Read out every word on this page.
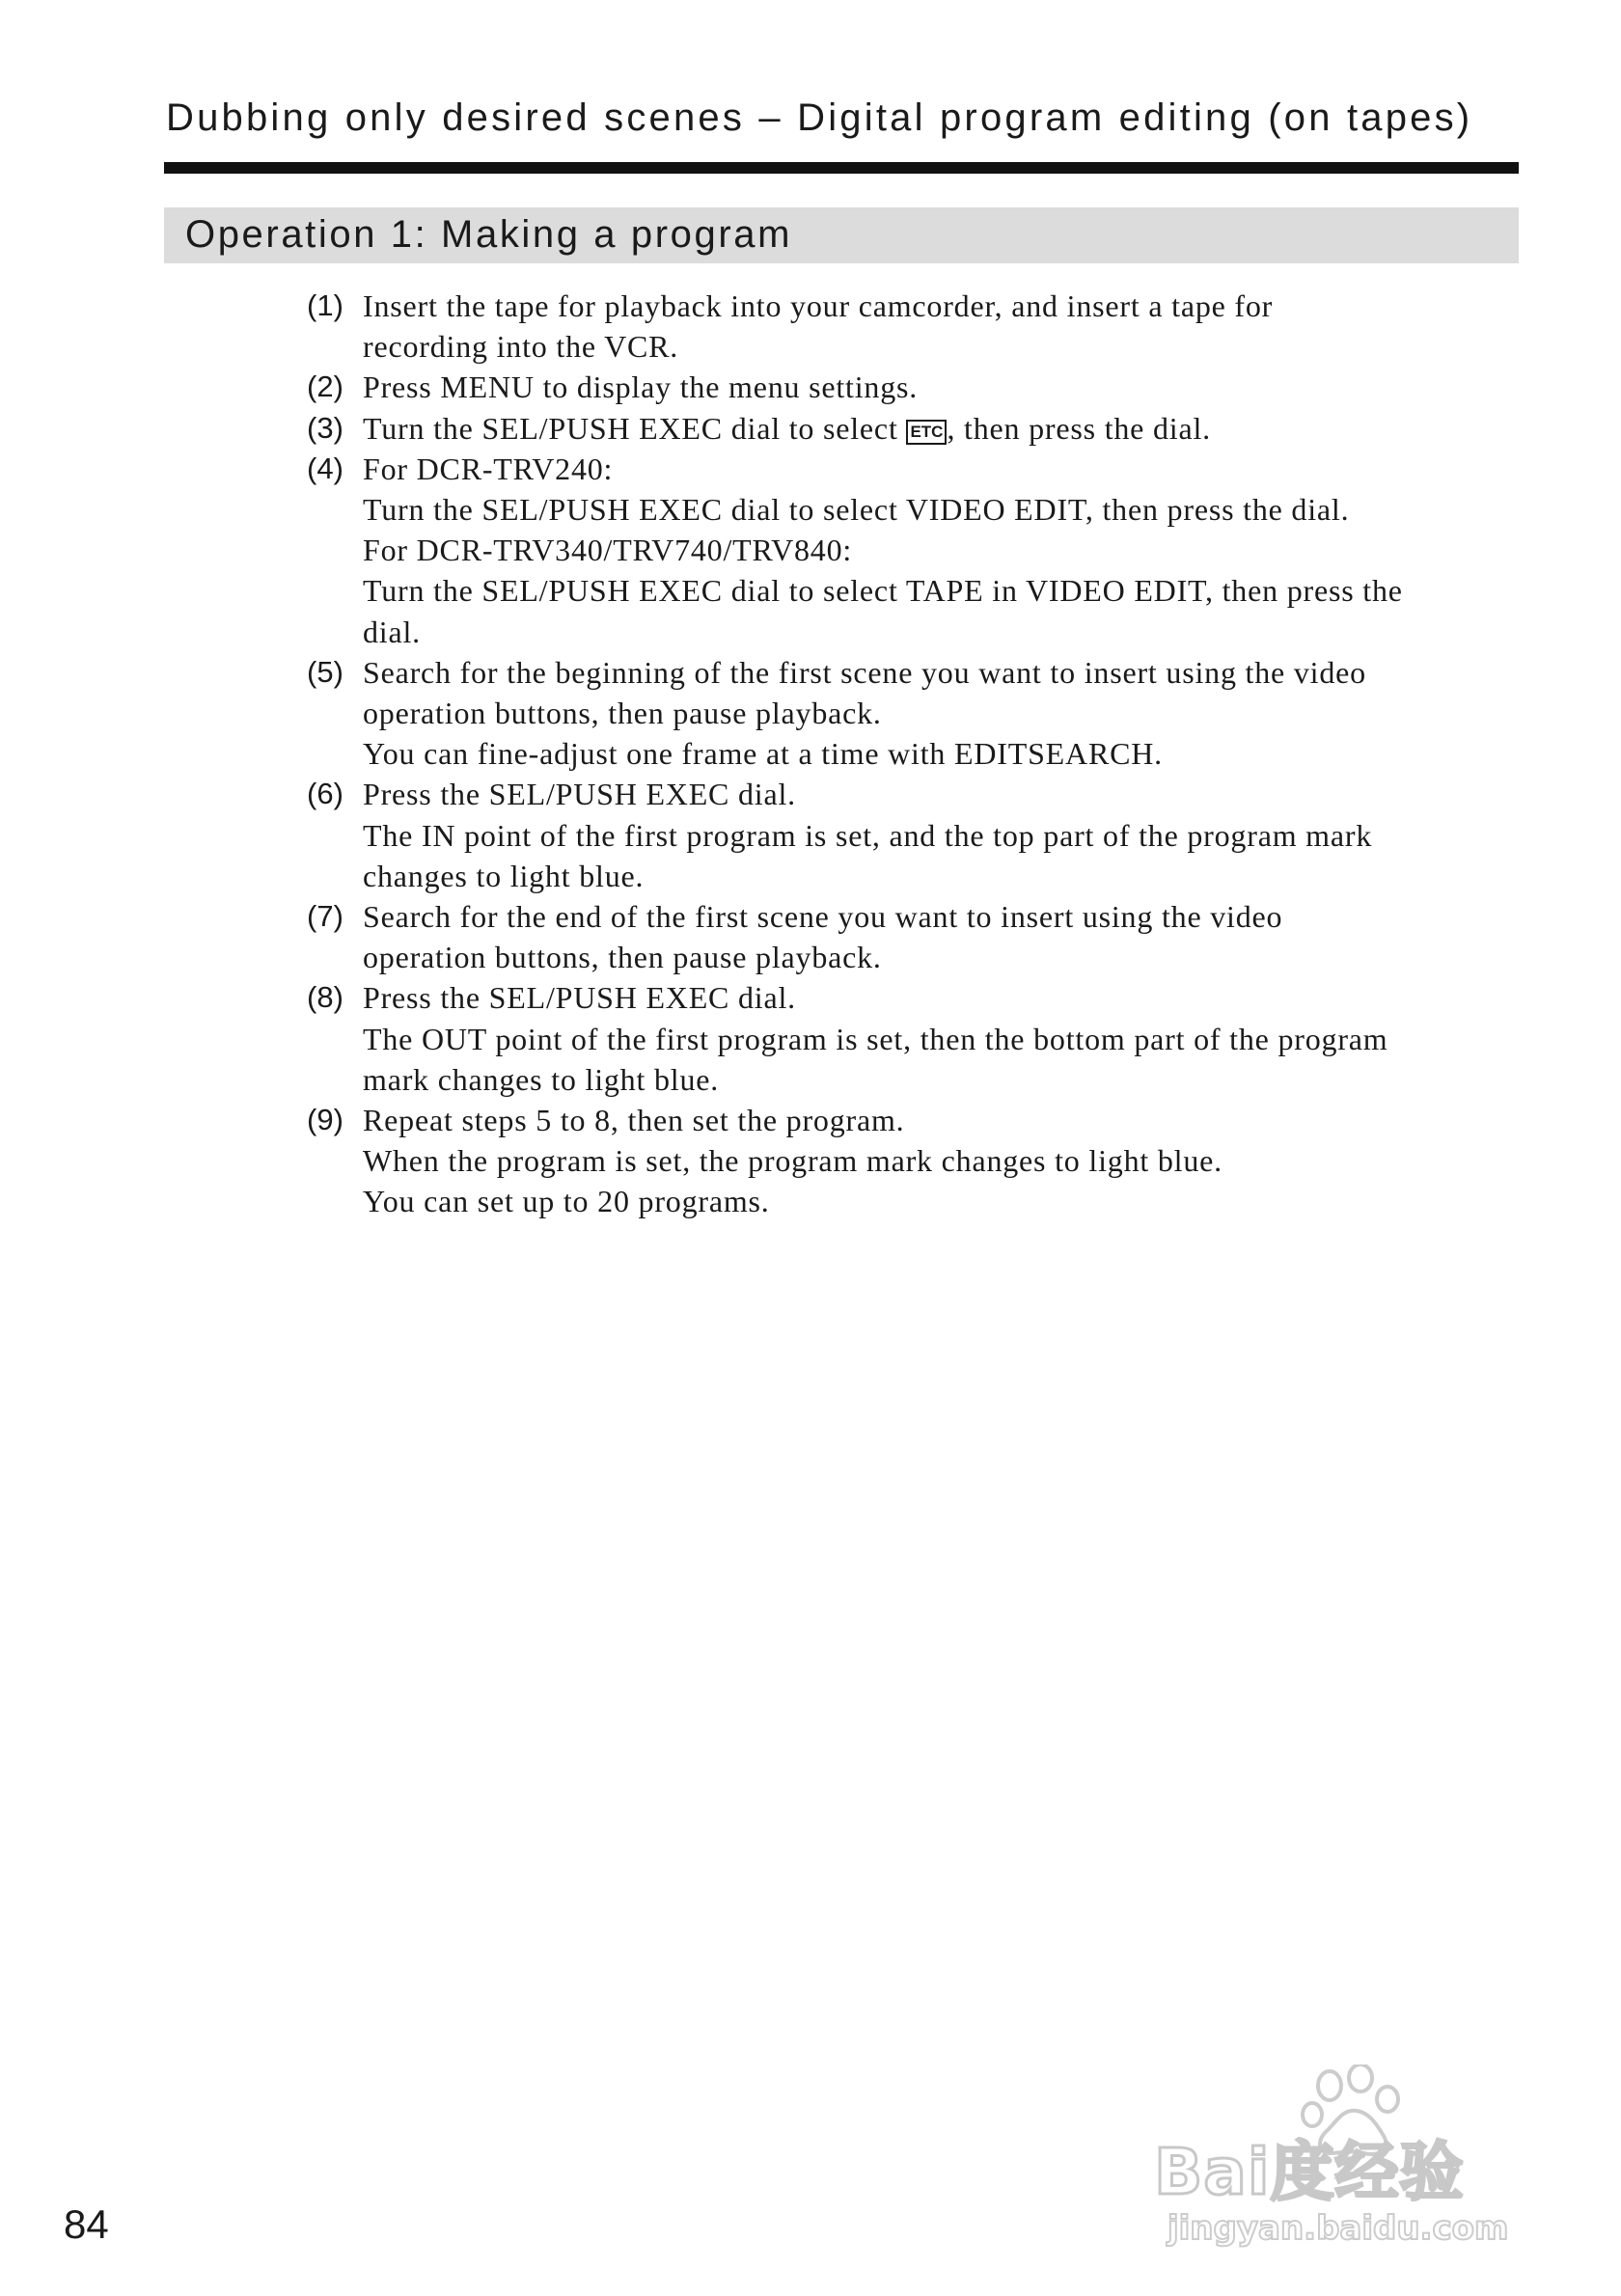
Dubbing only desired scenes – Digital program editing (on tapes)
Operation 1: Making a program
(1) Insert the tape for playback into your camcorder, and insert a tape for
recording into the VCR.
(2) Press MENU to display the menu settings.
(3) Turn the SEL/PUSH EXEC dial to select ETC , then press the dial.
(4) For DCR-TRV240:
Turn the SEL/PUSH EXEC dial to select VIDEO EDIT, then press the dial.
For DCR-TRV340/TRV740/TRV840:
Turn the SEL/PUSH EXEC dial to select TAPE in VIDEO EDIT, then press the
dial.
(5) Search for the beginning of the first scene you want to insert using the video
operation buttons, then pause playback.
You can fine-adjust one frame at a time with EDITSEARCH.
(6) Press the SEL/PUSH EXEC dial.
The IN point of the first program is set, and the top part of the program mark
changes to light blue.
(7) Search for the end of the first scene you want to insert using the video
operation buttons, then pause playback.
(8) Press the SEL/PUSH EXEC dial.
The OUT point of the first program is set, then the bottom part of the program
mark changes to light blue.
(9) Repeat steps 5 to 8, then set the program.
When the program is set, the program mark changes to light blue.
You can set up to 20 programs.
84
Bai度经验
jingyan.baidu.com
